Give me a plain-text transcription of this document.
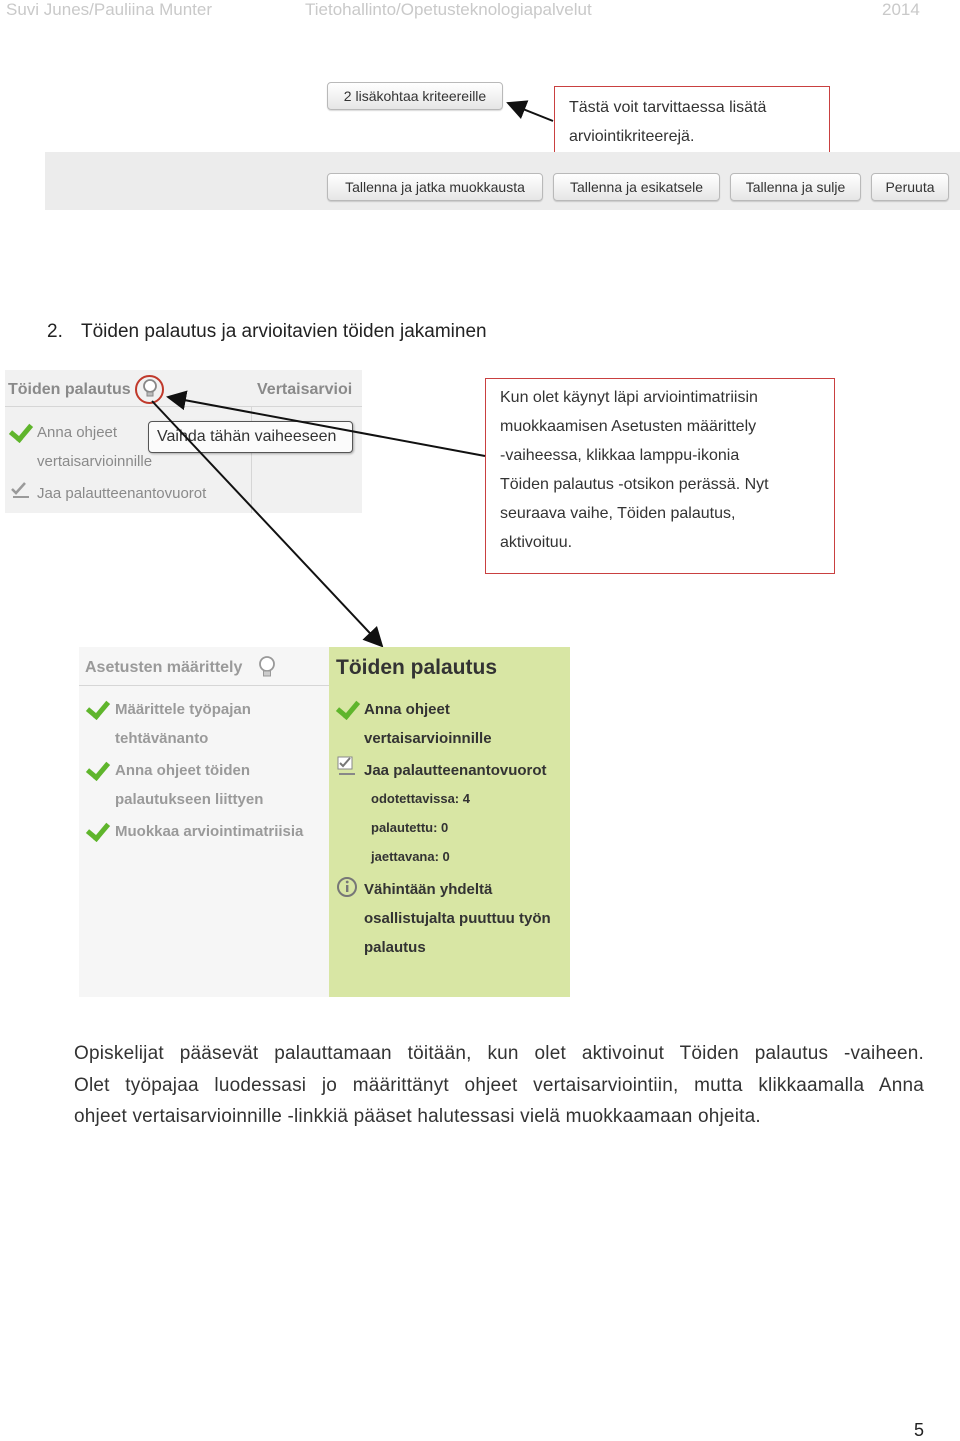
Suvi Junes/Pauliina Munter	Tietohallinto/Opetusteknologiapalvelut	2014
2 lisäkohtaa kriteereille
Tästä voit tarvittaessa lisätä
arviointikriteerejä.
Tallenna ja jatka muokkausta	Tallenna ja esikatsele	Tallenna ja sulje	Peruuta
2. Töiden palautus ja arvioitavien töiden jakaminen
Töiden palautus	Vertaisarvioi
Anna ohjeet
vertaisarvioinnille
Jaa palautteenantovuorot
Vaihda tähän vaiheeseen
Kun olet käynyt läpi arviointimatriisin
muokkaamisen Asetusten määrittely
-vaiheessa, klikkaa lamppu-ikonia
Töiden palautus -otsikon perässä. Nyt
seuraava vaihe, Töiden palautus,
aktivoituu.
Asetusten määrittely
Määrittele työpajan
tehtävänanto
Anna ohjeet töiden
palautukseen liittyen
Muokkaa arviointimatriisia
Töiden palautus
Anna ohjeet
vertaisarvioinnille
Jaa palautteenantovuorot
odotettavissa: 4
palautettu: 0
jaettavana: 0
Vähintään yhdeltä
osallistujalta puuttuu työn
palautus
Opiskelijat pääsevät palauttamaan töitään, kun olet aktivoinut Töiden palautus -vaiheen.
Olet työpajaa luodessasi jo määrittänyt ohjeet vertaisarviointiin, mutta klikkaamalla Anna
ohjeet vertaisarvioinnille -linkkiä pääset halutessasi vielä muokkaamaan ohjeita.
5
